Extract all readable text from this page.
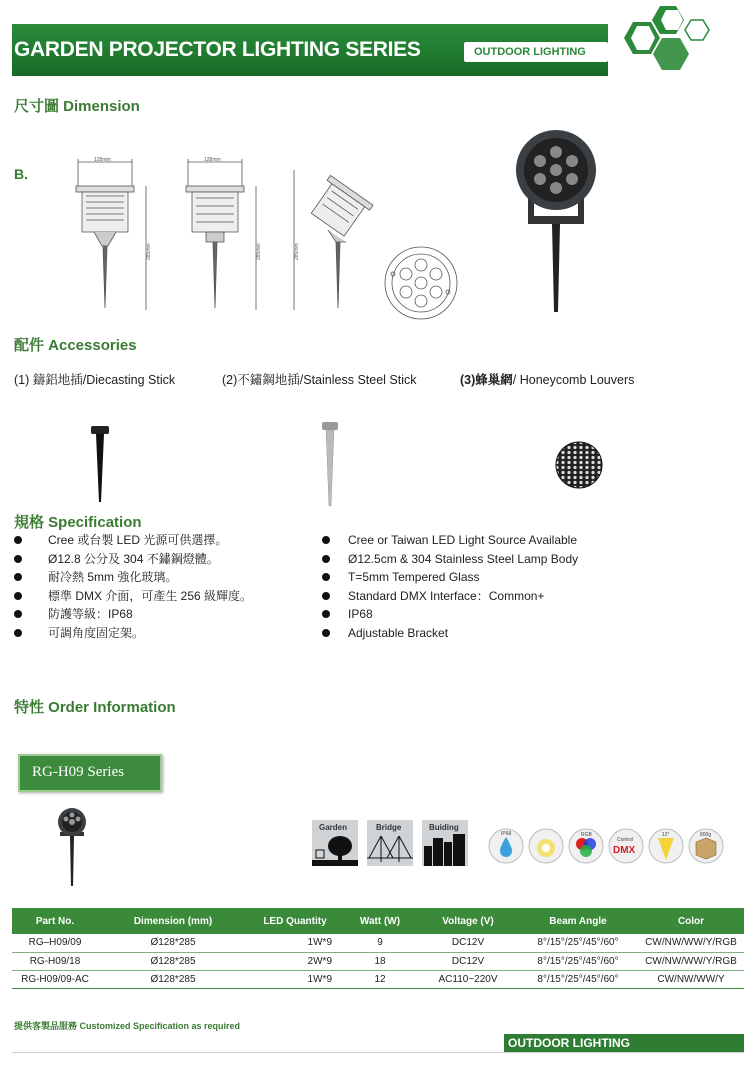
GARDEN PROJECTOR LIGHTING SERIES	OUTDOOR LIGHTING
尺寸圖 Dimension
B.
128mm
285mm
128mm
285mm	285mm
配件 Accessories
(1) 鑄鋁地插/Diecasting Stick	(2)不鏽鋼地插/Stainless Steel Stick	(3)蜂巢網/ Honeycomb Louvers
規格 Specification
Cree 或台製 LED 光源可供選擇。
Ø12.8 公分及 304 不鏽鋼燈體。
耐冷熱 5mm 強化玻璃。
標準 DMX 介面，可產生 256 級輝度。
防護等級：IP68
可調角度固定架。
Cree or Taiwan LED Light Source Available
Ø12.5cm & 304 Stainless Steel Lamp Body
T=5mm Tempered Glass
Standard DMX Interface：Common+
IP68
Adjustable Bracket
特性 Order Information
RG-H09 Series
Garden	Bridge	Buiding
IP68	RGB
Control
DMX
12°	800g
Part No.	Dimension (mm)	LED Quantity	Watt (W)	Voltage (V)	Beam Angle	Color
RG–H09/09	Ø128*285	1W*9	9	DC12V	8°/15°/25°/45°/60°	CW/NW/WW/Y/RGB
RG-H09/18	Ø128*285	2W*9	18	DC12V	8°/15°/25°/45°/60°	CW/NW/WW/Y/RGB
RG-H09/09-AC	Ø128*285	1W*9	12	AC110~220V	8°/15°/25°/45°/60°	CW/NW/WW/Y
提供客製品服務 Customized Specification as required
OUTDOOR LIGHTING
